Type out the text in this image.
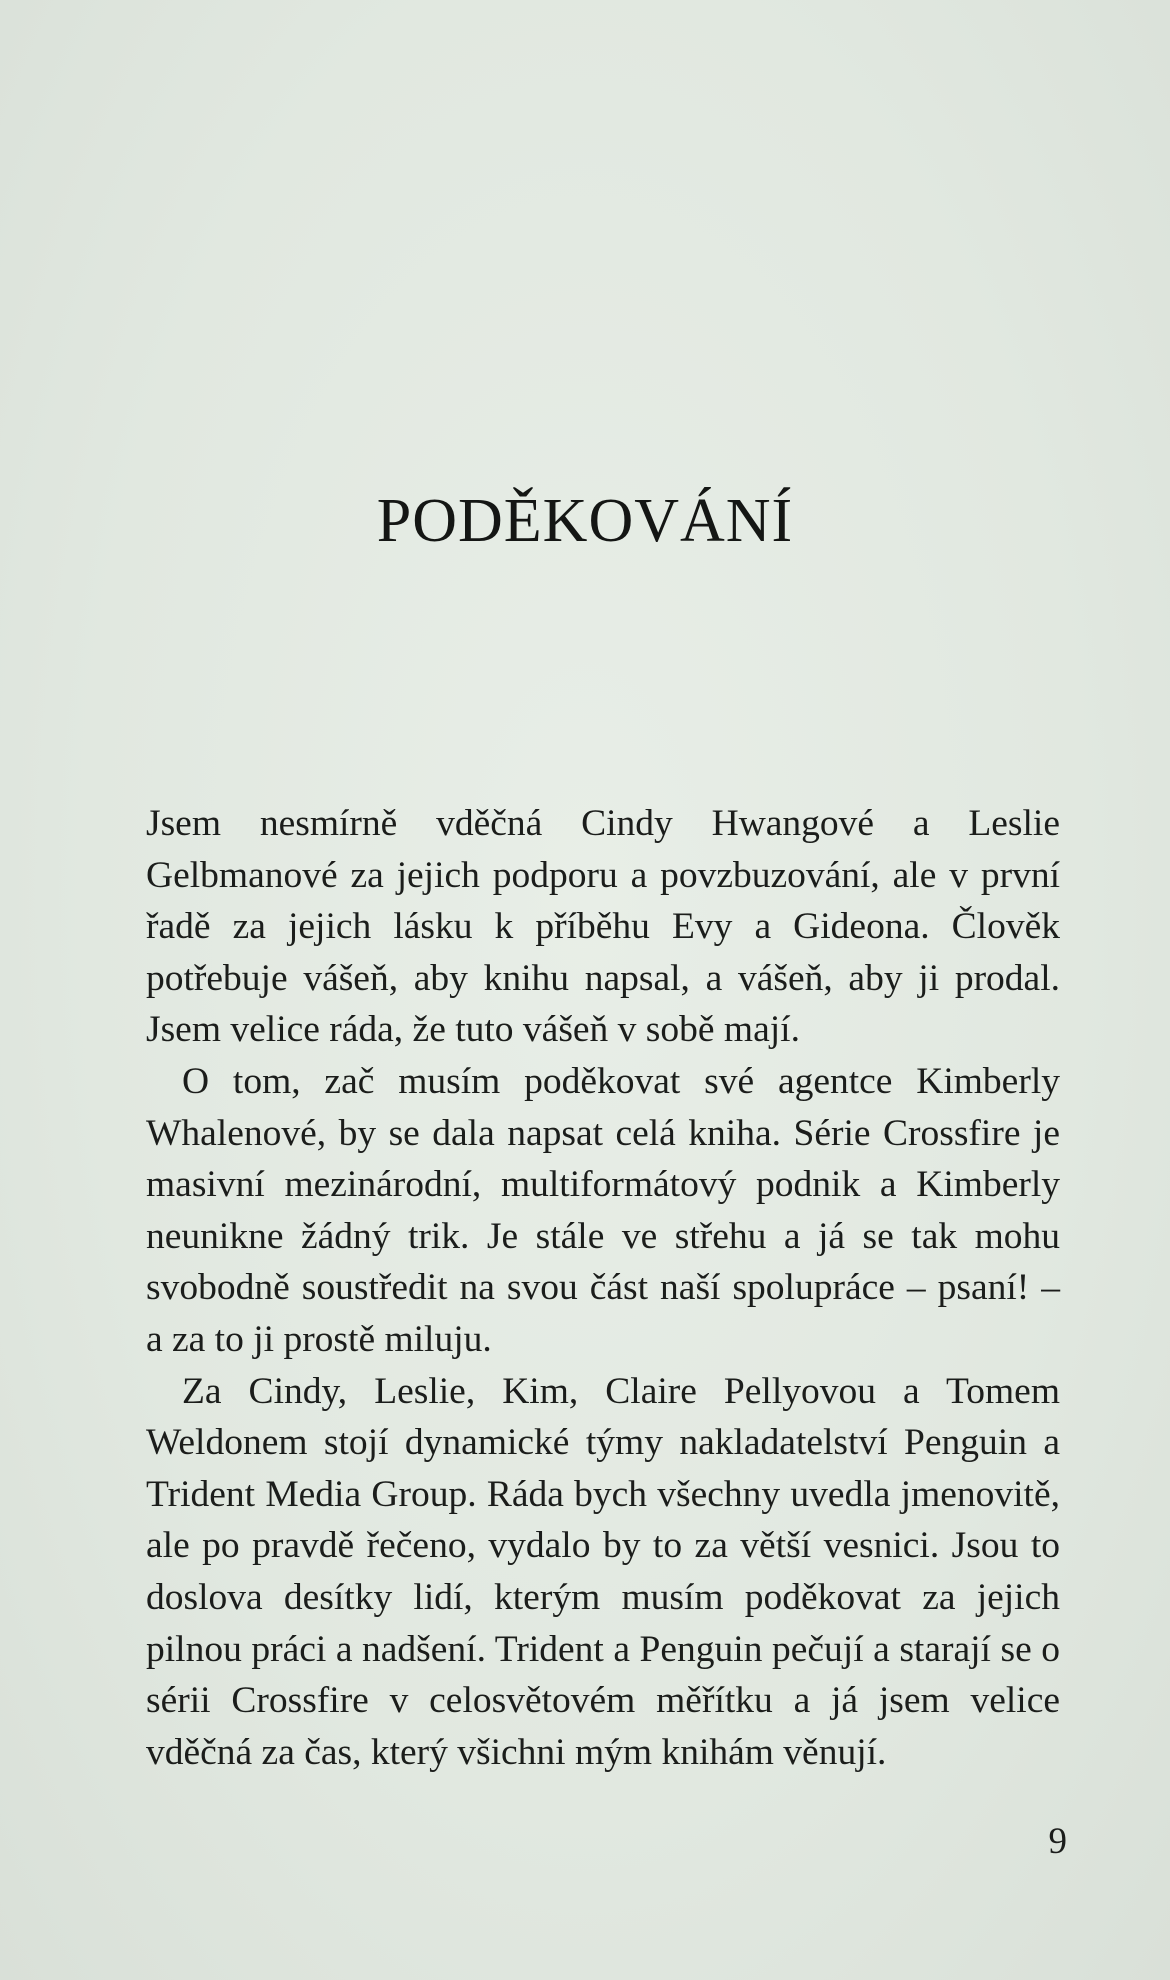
PODĚKOVÁNÍ

Jsem nesmírně vděčná Cindy Hwangové a Leslie Gelbmanové za jejich podporu a povzbuzování, ale v první řadě za jejich lásku k příběhu Evy a Gideona. Člověk potřebuje vášeň, aby knihu napsal, a vášeň, aby ji prodal. Jsem velice ráda, že tuto vášeň v sobě mají.

O tom, zač musím poděkovat své agentce Kimberly Whalenové, by se dala napsat celá kniha. Série Crossfire je masivní mezinárodní, multiformátový podnik a Kimberly neunikne žádný trik. Je stále ve střehu a já se tak mohu svobodně soustředit na svou část naší spolupráce – psaní! – a za to ji prostě miluju.

Za Cindy, Leslie, Kim, Claire Pellyovou a Tomem Weldonem stojí dynamické týmy nakladatelství Penguin a Trident Media Group. Ráda bych všechny uvedla jmenovitě, ale po pravdě řečeno, vydalo by to za větší vesnici. Jsou to doslova desítky lidí, kterým musím poděkovat za jejich pilnou práci a nadšení. Trident a Penguin pečují a starají se o sérii Crossfire v celosvětovém měřítku a já jsem velice vděčná za čas, který všichni mým knihám věnují.

9
